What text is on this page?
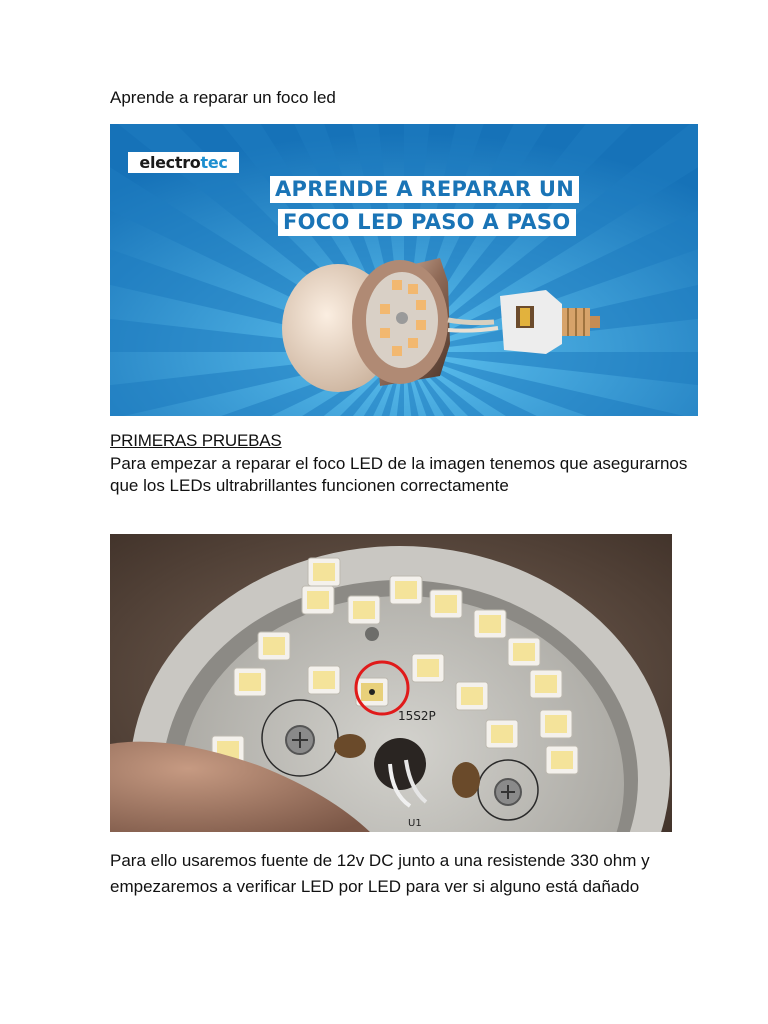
Aprende a reparar un foco led

electrotec
APRENDE A REPARAR UN
FOCO LED PASO A PASO
PRIMERAS PRUEBAS

Para empezar a reparar el foco LED de la imagen tenemos que asegurarnos que los LEDs ultrabrillantes funcionen correctamente

15S2P
U1

Para ello usaremos fuente de 12v DC junto a una resistende 330 ohm y empezaremos a verificar LED por LED para ver si alguno está dañado
